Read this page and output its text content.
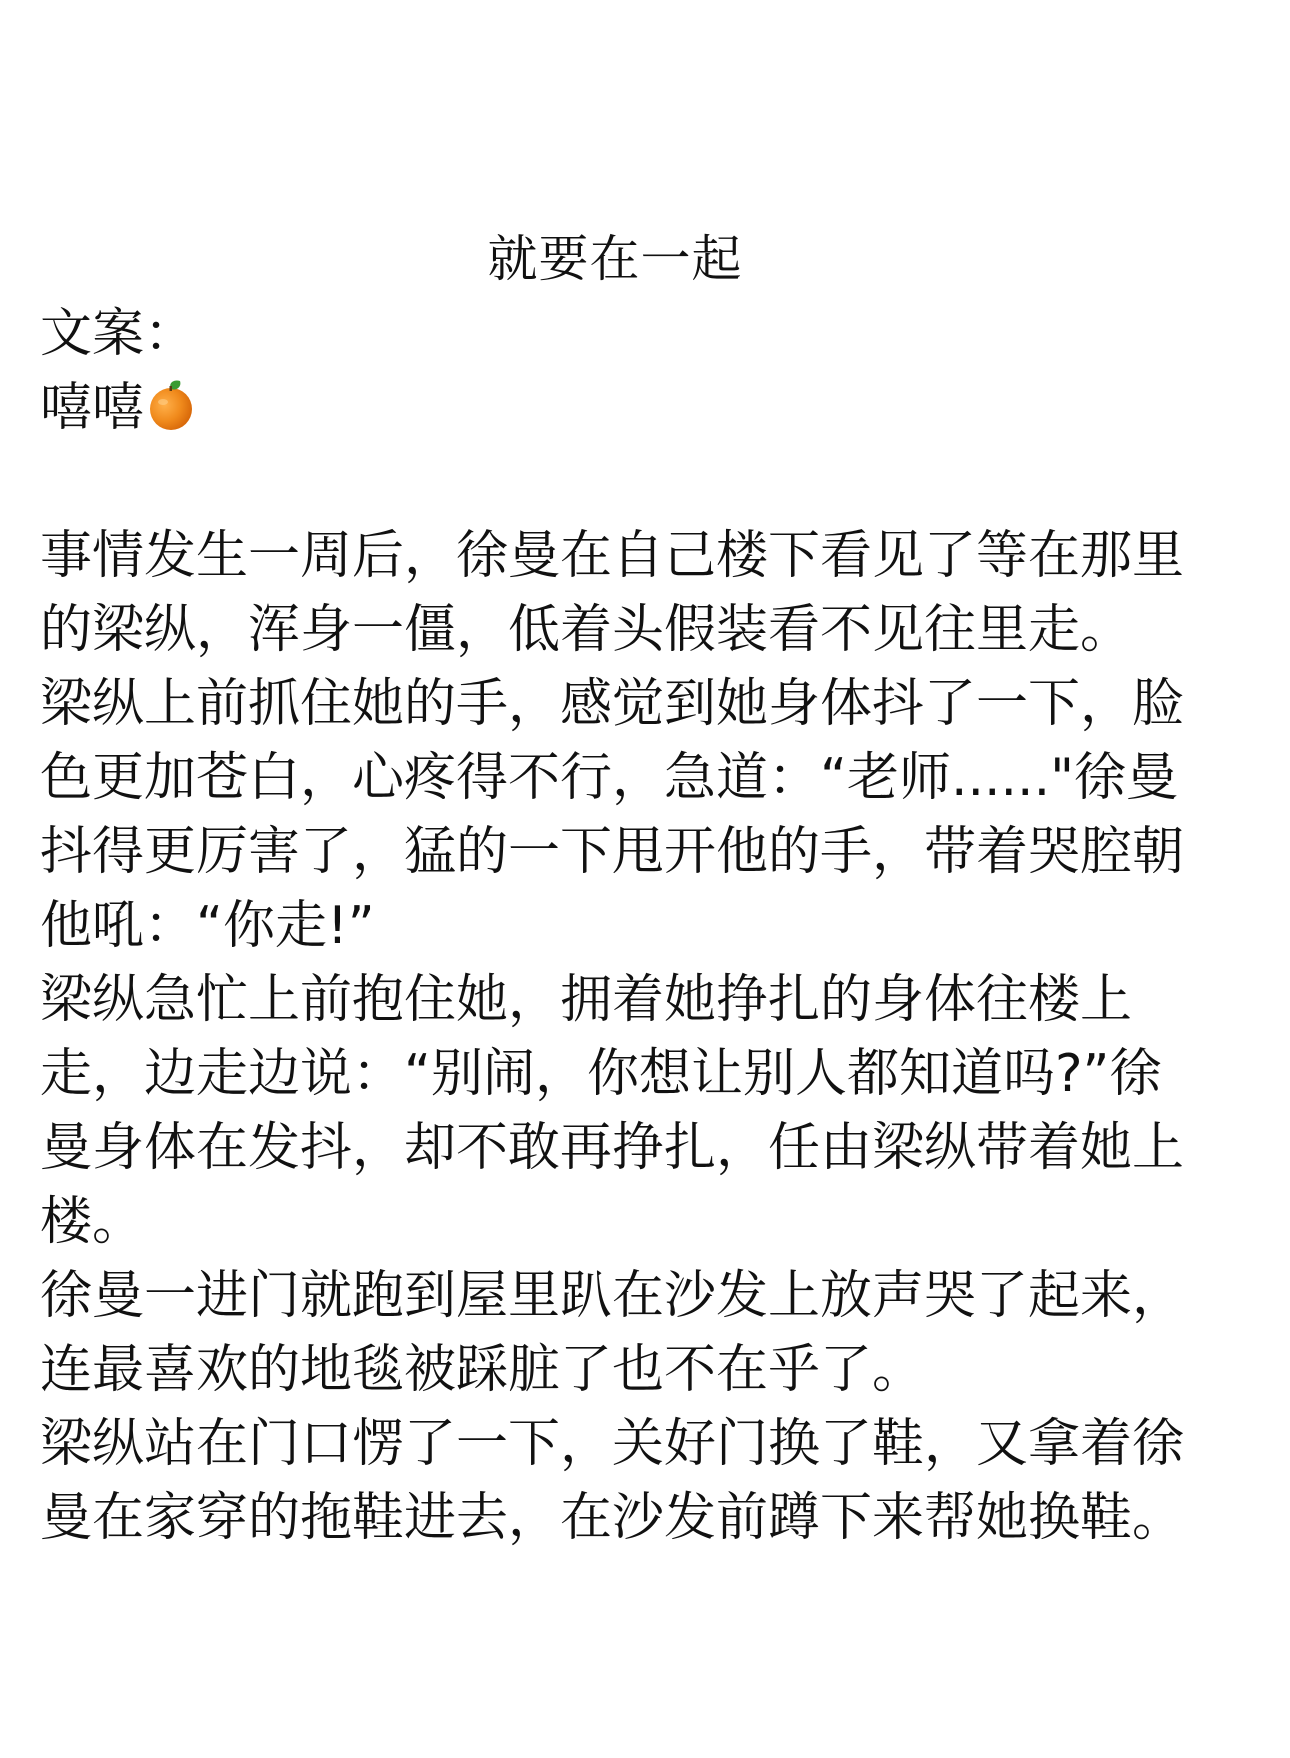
就要在一起
文案：
嘻嘻
事情发生一周后，徐曼在自己楼下看见了等在那里
的梁纵，浑身一僵，低着头假装看不见往里走。
梁纵上前抓住她的手，感觉到她身体抖了一下，脸
色更加苍白，心疼得不行，急道：“老师......"徐曼
抖得更厉害了，猛的一下甩开他的手，带着哭腔朝
他吼：“你走!”
梁纵急忙上前抱住她，拥着她挣扎的身体往楼上
走，边走边说：“别闹，你想让别人都知道吗?”徐
曼身体在发抖，却不敢再挣扎，任由梁纵带着她上
楼。
徐曼一进门就跑到屋里趴在沙发上放声哭了起来，
连最喜欢的地毯被踩脏了也不在乎了。
梁纵站在门口愣了一下，关好门换了鞋，又拿着徐
曼在家穿的拖鞋进去，在沙发前蹲下来帮她换鞋。
